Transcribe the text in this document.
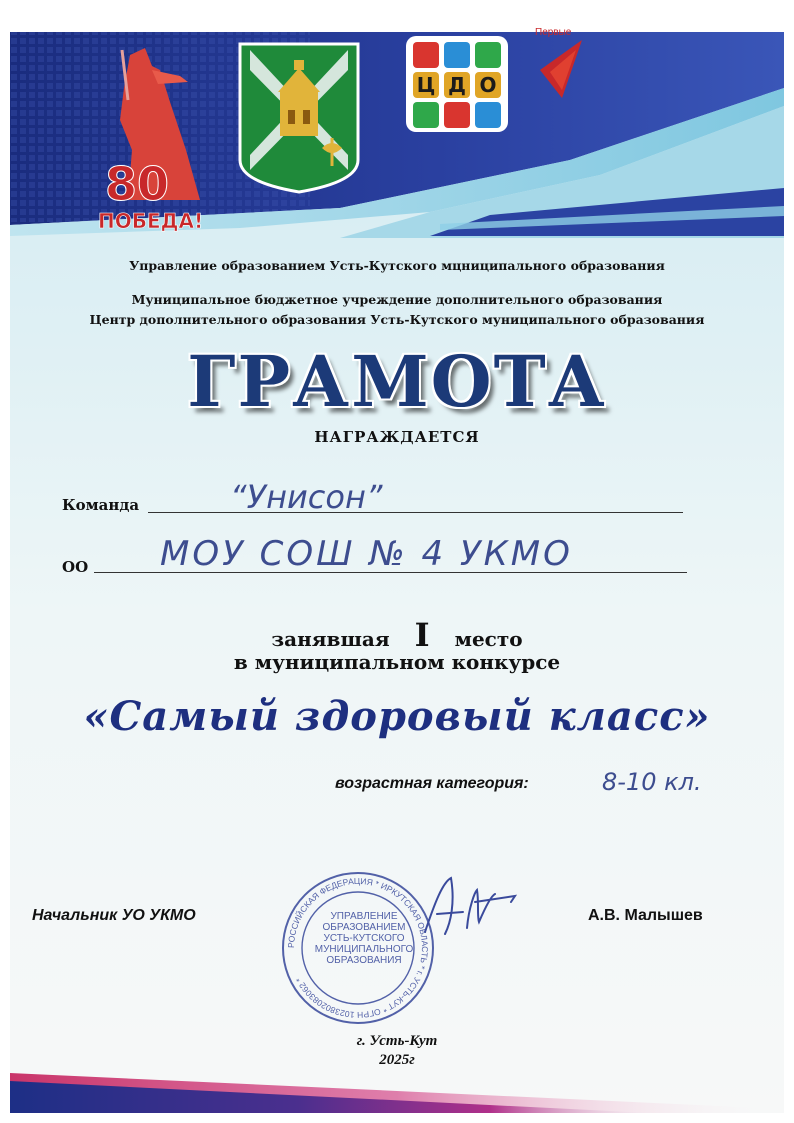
80
ПОБЕДА!
Ц Д О
Первые
Управление образованием Усть-Кутского мцниципального образования
Муниципальное бюджетное учреждение дополнительного образования
Центр дополнительного образования Усть-Кутского муниципального образования
ГРАМОТА
НАГРАЖДАЕТСЯ
Команда	“Унисон”
ОО МОУ СОШ № 4 УКМО
занявшая I место
в муниципальном конкурсе
«Самый здоровый класс»
возрастная категория:	8-10 кл.
Начальник УО УКМО	А.В. Малышев
РОССИЙСКАЯ ФЕДЕРАЦИЯ * ИРКУТСКАЯ ОБЛАСТЬ * г. УСТЬ-КУТ * ОГРН 1023802083062 *
УПРАВЛЕНИЕ
ОБРАЗОВАНИЕМ
УСТЬ-КУТСКОГО
МУНИЦИПАЛЬНОГО
ОБРАЗОВАНИЯ
г. Усть-Кут
2025г
